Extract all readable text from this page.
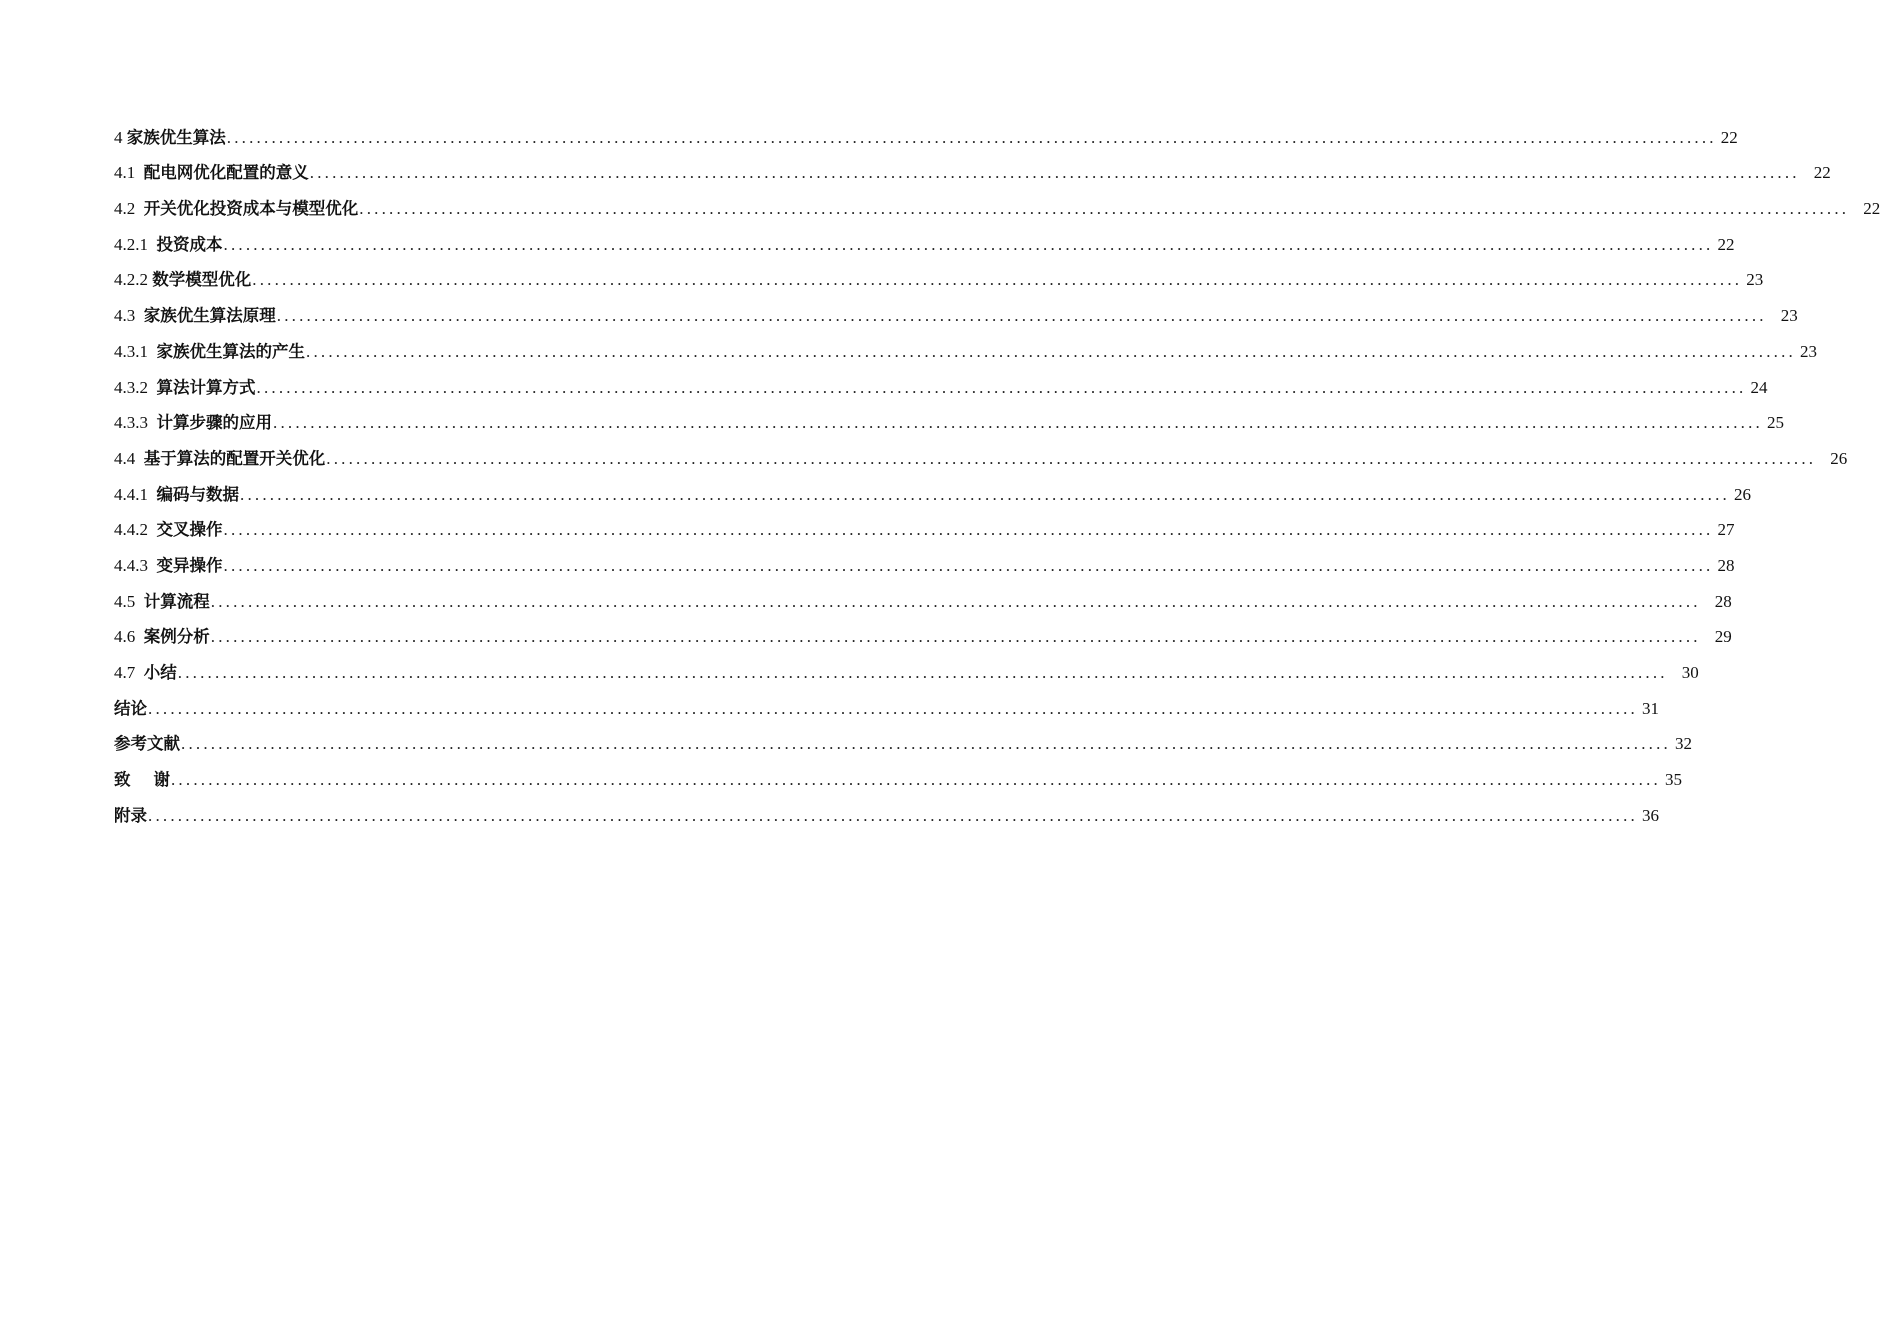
4 家族优生算法 ........................................................................................................................................................................................................ 22
4.1 配电网优化配置的意义 ........................................................................................................................................................................................................ 22
4.2 开关优化投资成本与模型优化 ........................................................................................................................................................................................................ 22
4.2.1 投资成本 ........................................................................................................................................................................................................ 22
4.2.2 数学模型优化 ........................................................................................................................................................................................................ 23
4.3 家族优生算法原理 ........................................................................................................................................................................................................ 23
4.3.1 家族优生算法的产生 ........................................................................................................................................................................................................ 23
4.3.2 算法计算方式 ........................................................................................................................................................................................................ 24
4.3.3 计算步骤的应用 ........................................................................................................................................................................................................ 25
4.4 基于算法的配置开关优化 ........................................................................................................................................................................................................ 26
4.4.1 编码与数据 ........................................................................................................................................................................................................ 26
4.4.2 交叉操作 ........................................................................................................................................................................................................ 27
4.4.3 变异操作 ........................................................................................................................................................................................................ 28
4.5 计算流程 ........................................................................................................................................................................................................ 28
4.6 案例分析 ........................................................................................................................................................................................................ 29
4.7 小结 ........................................................................................................................................................................................................ 30
结论 ........................................................................................................................................................................................................ 31
参考文献 ........................................................................................................................................................................................................ 32
致    谢 ........................................................................................................................................................................................................ 35
附录 ........................................................................................................................................................................................................ 36
